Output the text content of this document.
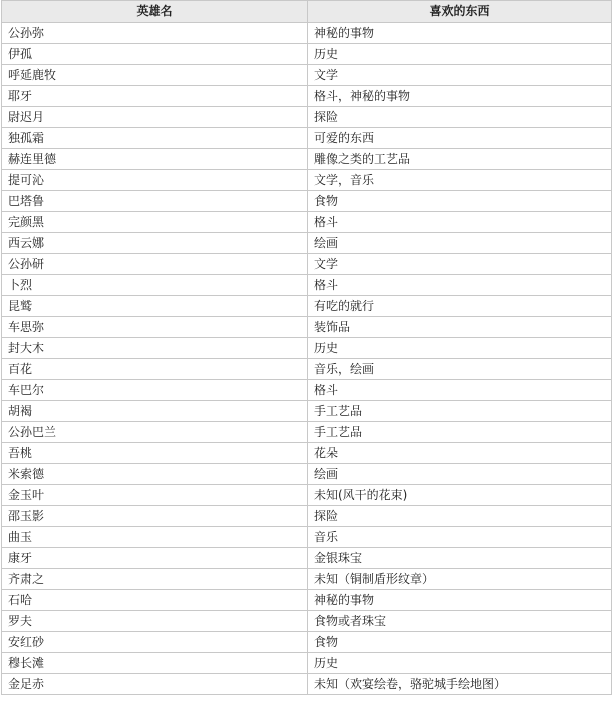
英雄名	喜欢的东西
公孙弥	神秘的事物
伊孤	历史
呼延鹿牧	文学
耶牙	格斗，神秘的事物
尉迟月	探险
独孤霜	可爱的东西
赫连里德	雕像之类的工艺品
提可沁	文学，音乐
巴塔鲁	食物
完颜黑	格斗
西云娜	绘画
公孙研	文学
卜烈	格斗
昆鹫	有吃的就行
车思弥	装饰品
封大木	历史
百花	音乐，绘画
车巴尔	格斗
胡褐	手工艺品
公孙巴兰	手工艺品
吾桃	花朵
米索德	绘画
金玉叶	未知(风干的花束)
邵玉影	探险
曲玉	音乐
康牙	金银珠宝
齐肃之	未知（铜制盾形纹章）
石哈	神秘的事物
罗夫	食物或者珠宝
安红砂	食物
穆长滩	历史
金足赤	未知（欢宴绘卷，骆驼城手绘地图）
